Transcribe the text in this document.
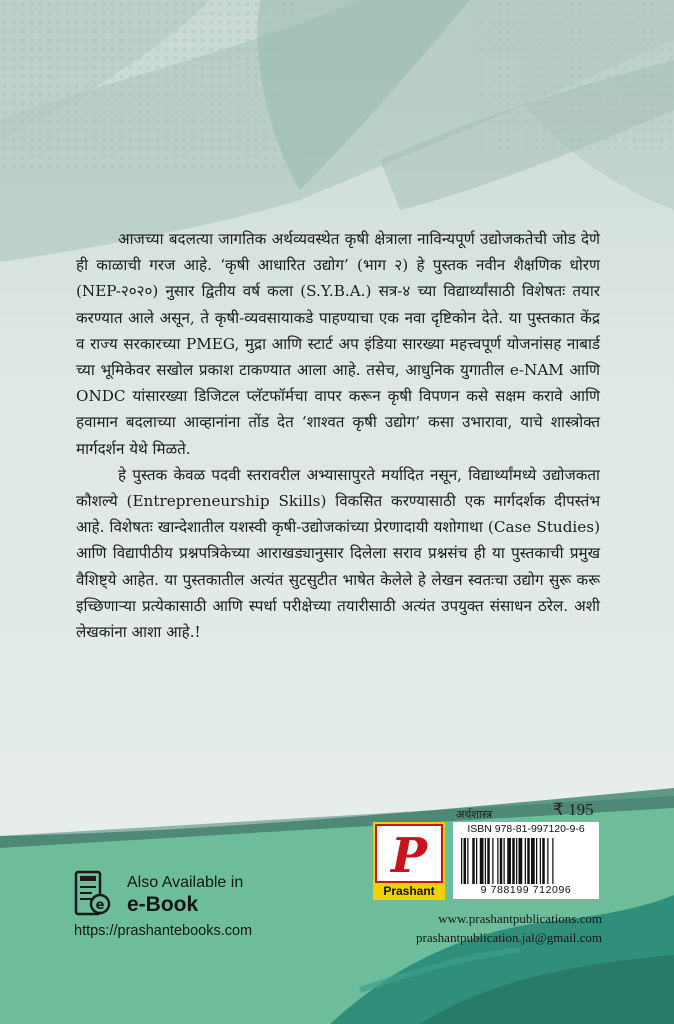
आजच्या बदलत्या जागतिक अर्थव्यवस्थेत कृषी क्षेत्राला नाविन्यपूर्ण उद्योजकतेची जोड देणे ही काळाची गरज आहे. ‘कृषी आधारित उद्योग’ (भाग २) हे पुस्तक नवीन शैक्षणिक धोरण (NEP-२०२०) नुसार द्वितीय वर्ष कला (S.Y.B.A.) सत्र-४ च्या विद्यार्थ्यांसाठी विशेषतः तयार करण्यात आले असून, ते कृषी-व्यवसायाकडे पाहण्याचा एक नवा दृष्टिकोन देते. या पुस्तकात केंद्र व राज्य सरकारच्या PMEG, मुद्रा आणि स्टार्ट अप इंडिया सारख्या महत्त्वपूर्ण योजनांसह नाबार्ड च्या भूमिकेवर सखोल प्रकाश टाकण्यात आला आहे. तसेच, आधुनिक युगातील e-NAM आणि ONDC यांसारख्या डिजिटल प्लॅटफॉर्मचा वापर करून कृषी विपणन कसे सक्षम करावे आणि हवामान बदलाच्या आव्हानांना तोंड देत ‘शाश्वत कृषी उद्योग’ कसा उभारावा, याचे शास्त्रोक्त मार्गदर्शन येथे मिळते.

हे पुस्तक केवळ पदवी स्तरावरील अभ्यासापुरते मर्यादित नसून, विद्यार्थ्यांमध्ये उद्योजकता कौशल्ये (Entrepreneurship Skills) विकसित करण्यासाठी एक मार्गदर्शक दीपस्तंभ आहे. विशेषतः खान्देशातील यशस्वी कृषी-उद्योजकांच्या प्रेरणादायी यशोगाथा (Case Studies) आणि विद्यापीठीय प्रश्नपत्रिकेच्या आराखड्यानुसार दिलेला सराव प्रश्नसंच ही या पुस्तकाची प्रमुख वैशिष्ट्ये आहेत. या पुस्तकातील अत्यंत सुटसुटीत भाषेत केलेले हे लेखन स्वतःचा उद्योग सुरू करू इच्छिणाऱ्या प्रत्येकासाठी आणि स्पर्धा परीक्षेच्या तयारीसाठी अत्यंत उपयुक्त संसाधन ठरेल. अशी लेखकांना आशा आहे.!

अर्थशास्त्र	₹ 195
P
Prashant
ISBN 978-81-997120-9-6
9 788199 712096
e
Also Available in
e-Book
https://prashantebooks.com
www.prashantpublications.com
prashantpublication.jal@gmail.com
